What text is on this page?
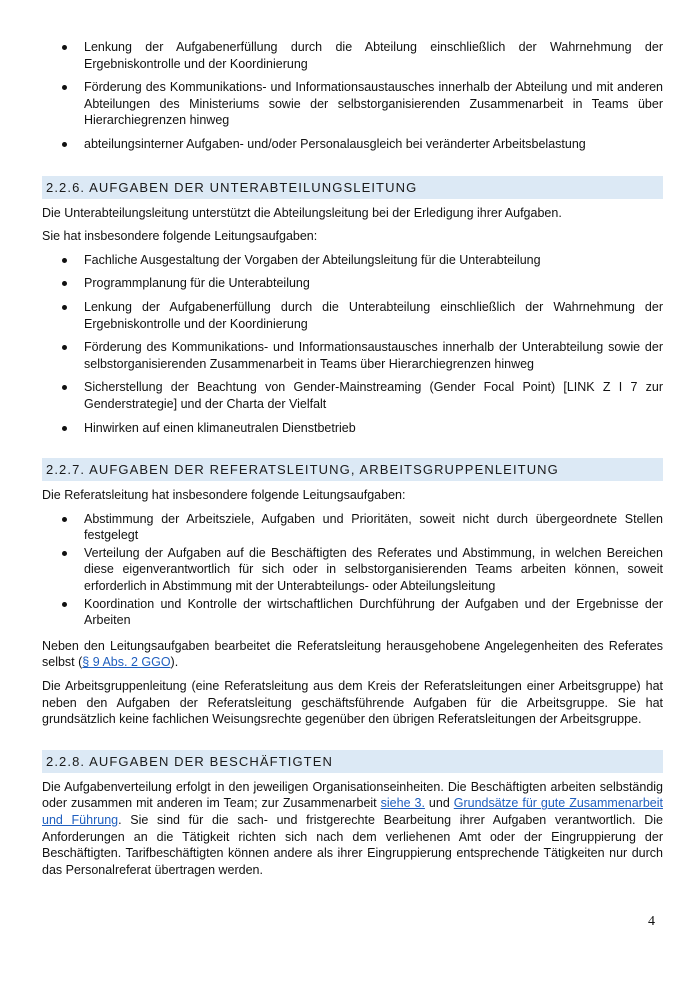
Lenkung der Aufgabenerfüllung durch die Abteilung einschließlich der Wahrnehmung der Ergebniskontrolle und der Koordinierung
Förderung des Kommunikations- und Informationsaustausches innerhalb der Abteilung und mit anderen Abteilungen des Ministeriums sowie der selbstorganisierenden Zusammenarbeit in Teams über Hierarchiegrenzen hinweg
abteilungsinterner Aufgaben- und/oder Personalausgleich bei veränderter Arbeitsbelastung
2.2.6. AUFGABEN DER UNTERABTEILUNGSLEITUNG

Die Unterabteilungsleitung unterstützt die Abteilungsleitung bei der Erledigung ihrer Aufgaben.

Sie hat insbesondere folgende Leitungsaufgaben:

Fachliche Ausgestaltung der Vorgaben der Abteilungsleitung für die Unterabteilung
Programmplanung für die Unterabteilung
Lenkung der Aufgabenerfüllung durch die Unterabteilung einschließlich der Wahrnehmung der Ergebniskontrolle und der Koordinierung
Förderung des Kommunikations- und Informationsaustausches innerhalb der Unterabteilung sowie der selbstorganisierenden Zusammenarbeit in Teams über Hierarchiegrenzen hinweg
Sicherstellung der Beachtung von Gender-Mainstreaming (Gender Focal Point) [LINK Z I 7 zur Genderstrategie] und der Charta der Vielfalt
Hinwirken auf einen klimaneutralen Dienstbetrieb
2.2.7. AUFGABEN DER REFERATSLEITUNG, ARBEITSGRUPPENLEITUNG

Die Referatsleitung hat insbesondere folgende Leitungsaufgaben:

Abstimmung der Arbeitsziele, Aufgaben und Prioritäten, soweit nicht durch übergeordnete Stellen festgelegt
Verteilung der Aufgaben auf die Beschäftigten des Referates und Abstimmung, in welchen Bereichen diese eigenverantwortlich für sich oder in selbstorganisierenden Teams arbeiten können, soweit erforderlich in Abstimmung mit der Unterabteilungs- oder Abteilungsleitung
Koordination und Kontrolle der wirtschaftlichen Durchführung der Aufgaben und der Ergebnisse der Arbeiten

Neben den Leitungsaufgaben bearbeitet die Referatsleitung herausgehobene Angelegenheiten des Referates selbst (§ 9 Abs. 2 GGO).

Die Arbeitsgruppenleitung (eine Referatsleitung aus dem Kreis der Referatsleitungen einer Arbeitsgruppe) hat neben den Aufgaben der Referatsleitung geschäftsführende Aufgaben für die Arbeitsgruppe. Sie hat grundsätzlich keine fachlichen Weisungsrechte gegenüber den übrigen Referatsleitungen der Arbeitsgruppe.

2.2.8. AUFGABEN DER BESCHÄFTIGTEN

Die Aufgabenverteilung erfolgt in den jeweiligen Organisationseinheiten. Die Beschäftigten arbeiten selbständig oder zusammen mit anderen im Team; zur Zusammenarbeit siehe 3. und Grundsätze für gute Zusammenarbeit und Führung. Sie sind für die sach- und fristgerechte Bearbeitung ihrer Aufgaben verantwortlich. Die Anforderungen an die Tätigkeit richten sich nach dem verliehenen Amt oder der Eingruppierung der Beschäftigten. Tarifbeschäftigten können andere als ihrer Eingruppierung entsprechende Tätigkeiten nur durch das Personalreferat übertragen werden.

4
